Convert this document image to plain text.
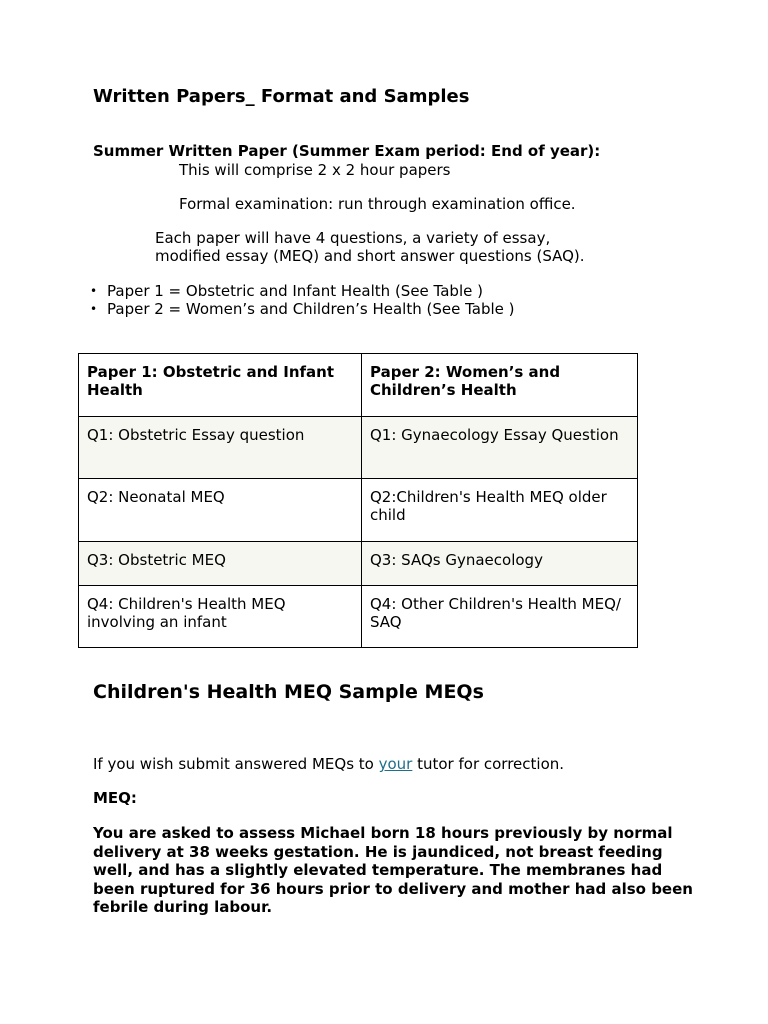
Written Papers_ Format and Samples

Summer Written Paper (Summer Exam period: End of year):

This will comprise 2 x 2 hour papers

Formal examination: run through examination office.

Each paper will have 4 questions, a variety of essay,

modified essay (MEQ) and short answer questions (SAQ).

• Paper 1 = Obstetric and Infant Health (See Table )
• Paper 2 = Women’s and Children’s Health (See Table )
Paper 1: Obstetric and Infant Health	Paper 2: Women’s and Children’s Health
Q1: Obstetric Essay question	Q1: Gynaecology Essay Question
Q2: Neonatal MEQ	Q2:Children's Health MEQ older child
Q3: Obstetric MEQ	Q3: SAQs Gynaecology
Q4: Children's Health MEQ involving an infant	Q4: Other Children's Health MEQ/ SAQ
Children's Health MEQ Sample MEQs

If you wish submit answered MEQs to your tutor for correction.

MEQ:

You are asked to assess Michael born 18 hours previously by normal delivery at 38 weeks gestation. He is jaundiced, not breast feeding well, and has a slightly elevated temperature. The membranes had been ruptured for 36 hours prior to delivery and mother had also been febrile during labour.
